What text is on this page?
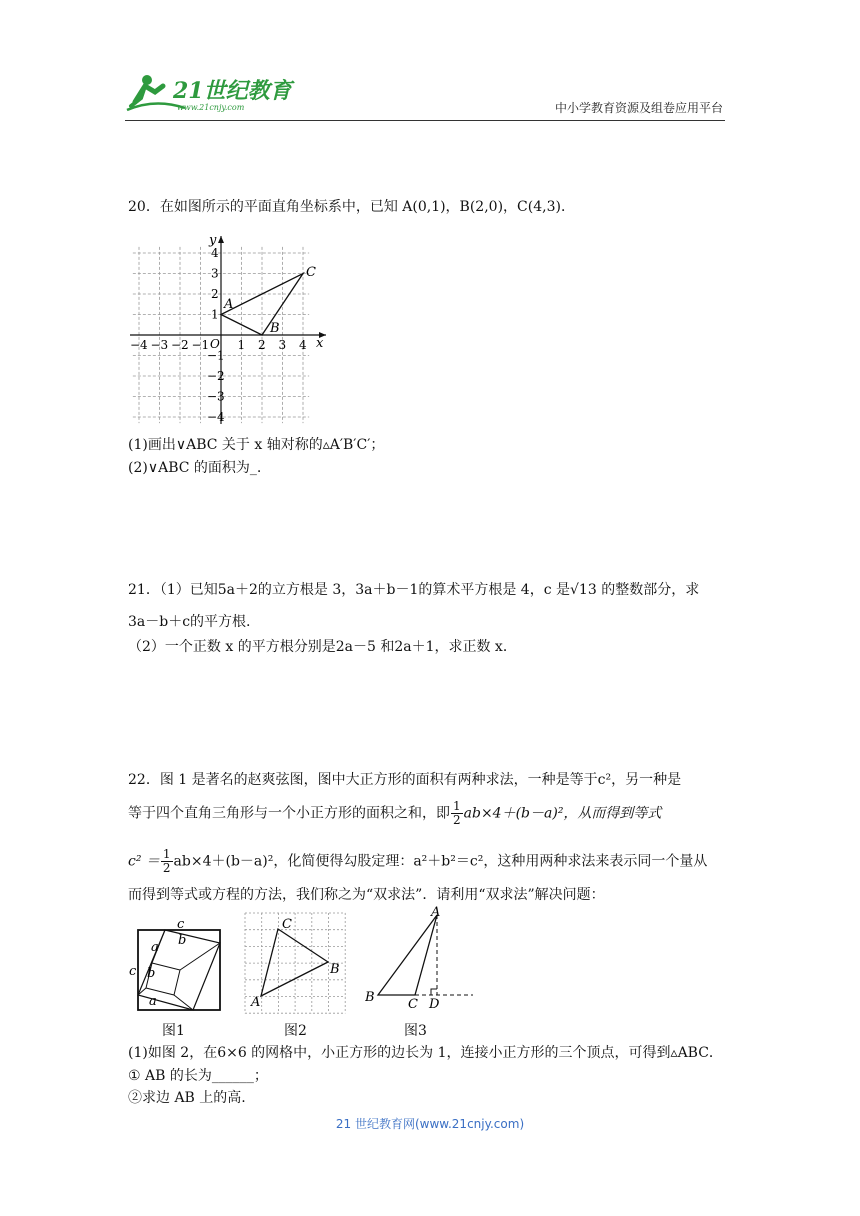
21世纪教育
www.21cnjy.com	中小学教育资源及组卷应用平台
20．在如图所示的平面直角坐标系中，已知 A(0,1)，B(2,0)，C(4,3)．
x
y
O
−4 −3 −2 −1 1 2 3 4
4
3
2
1
−1
−2
−3
−4
A
B
C
(1)画出∨ABC 关于 x 轴对称的▵A′B′C′；
(2)∨ABC 的面积为_.
21．（1）已知5a＋2的立方根是 3，3a＋b－1的算术平方根是 4，c 是√13 的整数部分，求
3a－b＋c的平方根.
（2）一个正数 x 的平方根分别是2a－5 和2a＋1，求正数 x．
22．图 1 是著名的赵爽弦图，图中大正方形的面积有两种求法，一种是等于c²，另一种是
等于四个直角三角形与一个小正方形的面积之和，即 $\frac{1}{2} ab\times 4+(b-a)^2$，从而得到等式
$c^2 = \frac{1}{2} ab\times 4+(b-a)^2$，化简便得勾股定理：a²＋b²＝c²，这种用两种求法来表示同一个量从
而得到等式或方程的方法，我们称之为“双求法”．请利用“双求法”解决问题：
c
a b
c b
a
C
B
A
A
B	C D
图1	图2	图3
(1)如图 2，在6×6 的网格中，小正方形的边长为 1，连接小正方形的三个顶点，可得到▵ABC．
① AB 的长为______；
②求边 AB 上的高.
21 世纪教育网(www.21cnjy.com)
